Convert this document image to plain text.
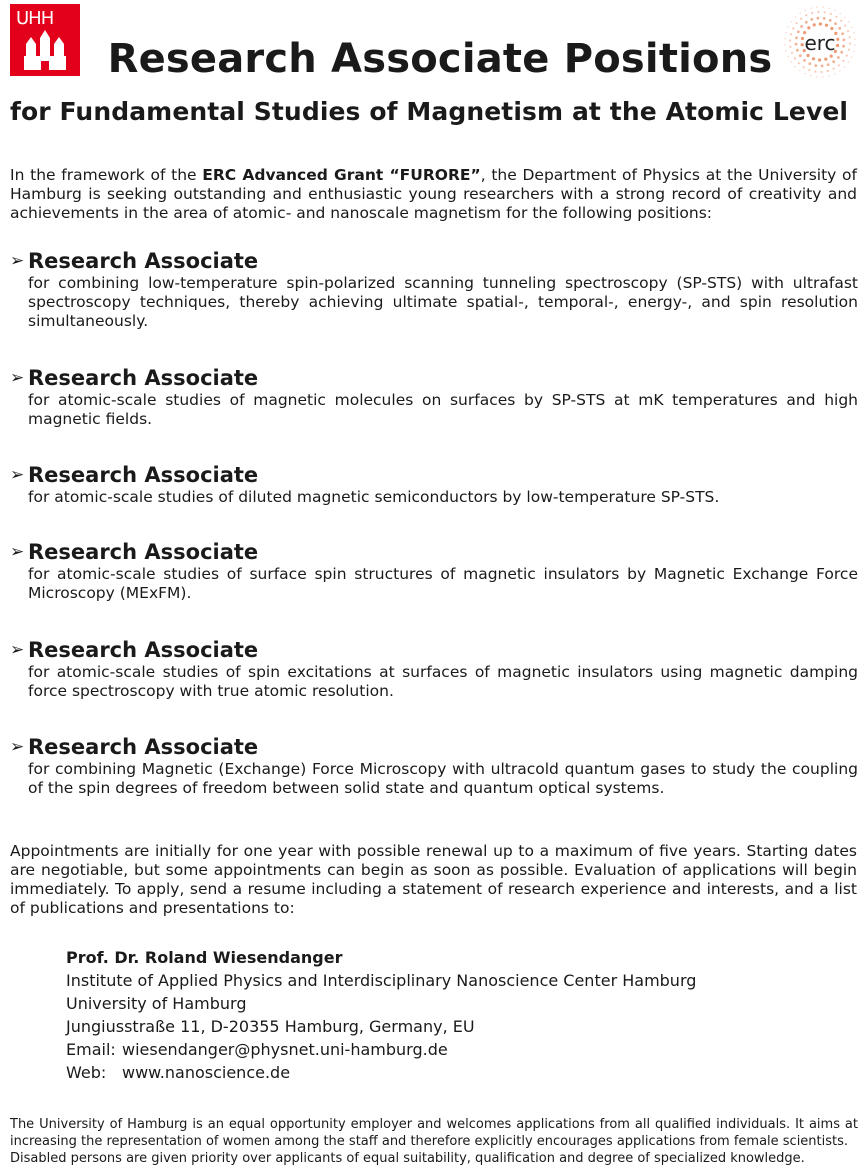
UHH
erc
Research Associate Positions
for Fundamental Studies of Magnetism at the Atomic Level

In the framework of the ERC Advanced Grant “FURORE”, the Department of Physics at the University of Hamburg is seeking outstanding and enthusiastic young researchers with a strong record of creativity and achievements in the area of atomic- and nanoscale magnetism for the following positions:

➢ Research Associate

for combining low-temperature spin-polarized scanning tunneling spectroscopy (SP-STS) with ultrafast spectroscopy techniques, thereby achieving ultimate spatial-, temporal-, energy-, and spin resolution simultaneously.

➢ Research Associate

for atomic-scale studies of magnetic molecules on surfaces by SP-STS at mK temperatures and high magnetic fields.

➢ Research Associate

for atomic-scale studies of diluted magnetic semiconductors by low-temperature SP-STS.

➢ Research Associate

for atomic-scale studies of surface spin structures of magnetic insulators by Magnetic Exchange Force Microscopy (MExFM).

➢ Research Associate

for atomic-scale studies of spin excitations at surfaces of magnetic insulators using magnetic damping force spectroscopy with true atomic resolution.

➢ Research Associate

for combining Magnetic (Exchange) Force Microscopy with ultracold quantum gases to study the coupling of the spin degrees of freedom between solid state and quantum optical systems.

Appointments are initially for one year with possible renewal up to a maximum of five years. Starting dates are negotiable, but some appointments can begin as soon as possible. Evaluation of applications will begin immediately. To apply, send a resume including a statement of research experience and interests, and a list of publications and presentations to:

Prof. Dr. Roland Wiesendanger
Institute of Applied Physics and Interdisciplinary Nanoscience Center Hamburg
University of Hamburg
Jungiusstraße 11, D-20355 Hamburg, Germany, EU
Email: wiesendanger@physnet.uni-hamburg.de
Web: www.nanoscience.de

The University of Hamburg is an equal opportunity employer and welcomes applications from all qualified individuals. It aims at increasing the representation of women among the staff and therefore explicitly encourages applications from female scientists.

Disabled persons are given priority over applicants of equal suitability, qualification and degree of specialized knowledge.
